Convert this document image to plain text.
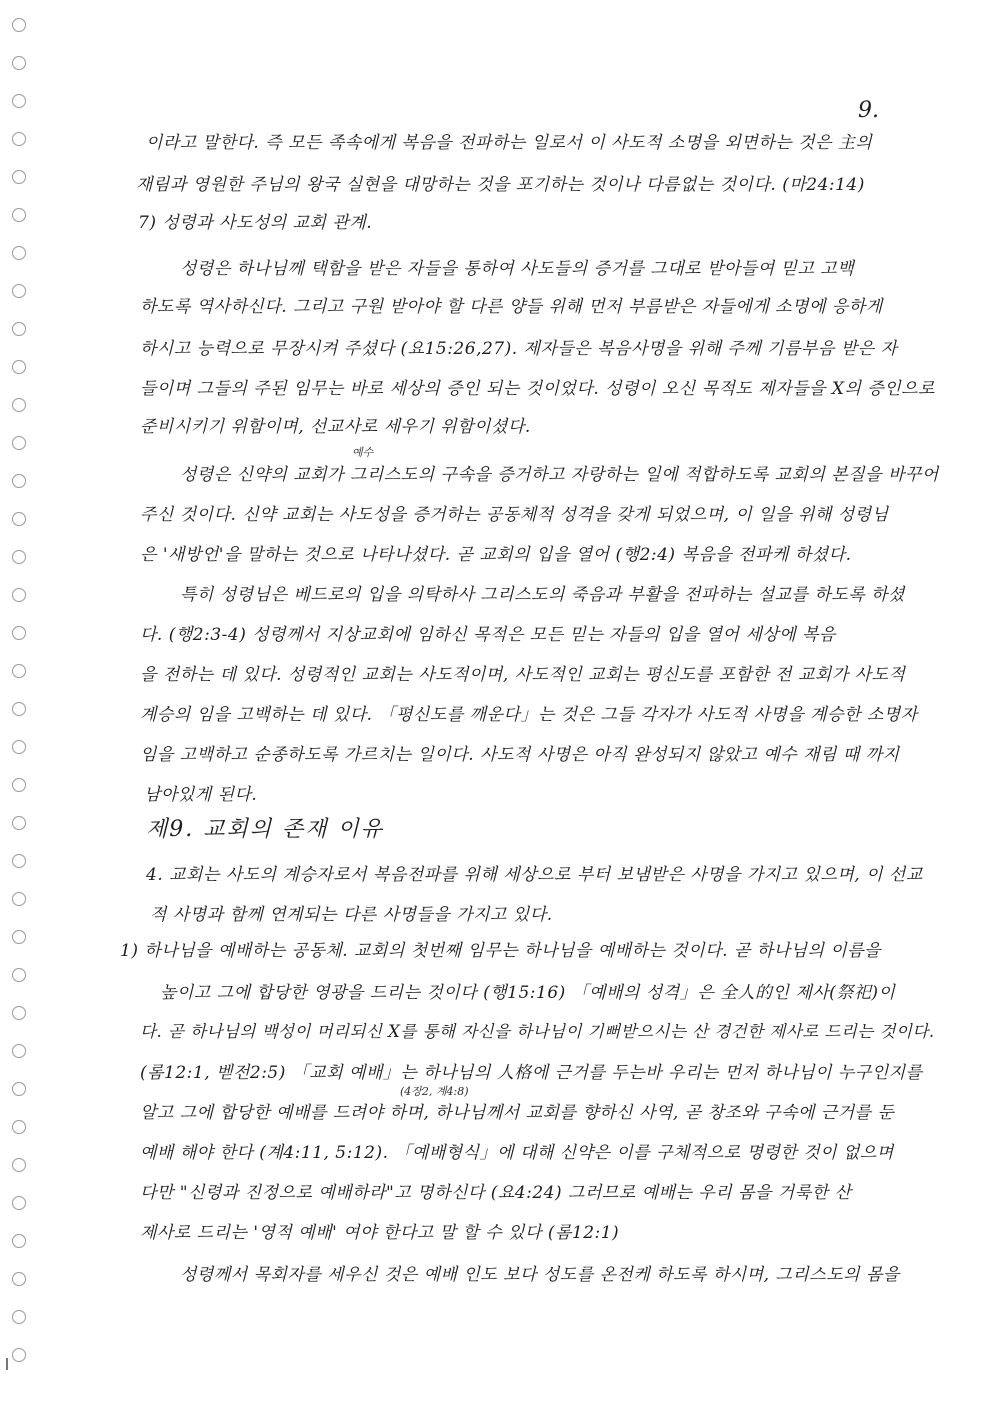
9.
이라고 말한다. 즉 모든 족속에게 복음을 전파하는 일로서 이 사도적 소명을 외면하는 것은 主의
재림과 영원한 주님의 왕국 실현을 대망하는 것을 포기하는 것이나 다름없는 것이다. (마24:14)
7) 성령과 사도성의 교회 관계.
성령은 하나님께 택함을 받은 자들을 통하여 사도들의 증거를 그대로 받아들여 믿고 고백
하도록 역사하신다. 그리고 구원 받아야 할 다른 양들 위해 먼저 부름받은 자들에게 소명에 응하게
하시고 능력으로 무장시켜 주셨다 (요15:26,27). 제자들은 복음사명을 위해 주께 기름부음 받은 자
들이며 그들의 주된 임무는 바로 세상의 증인 되는 것이었다. 성령이 오신 목적도 제자들을 X의 증인으로
준비시키기 위함이며, 선교사로 세우기 위함이셨다.
예수
성령은 신약의 교회가 그리스도의 구속을 증거하고 자랑하는 일에 적합하도록 교회의 본질을 바꾸어
주신 것이다. 신약 교회는 사도성을 증거하는 공동체적 성격을 갖게 되었으며, 이 일을 위해 성령님
은 '새방언'을 말하는 것으로 나타나셨다. 곧 교회의 입을 열어 (행2:4) 복음을 전파케 하셨다.
특히 성령님은 베드로의 입을 의탁하사 그리스도의 죽음과 부활을 전파하는 설교를 하도록 하셨
다. (행2:3-4) 성령께서 지상교회에 임하신 목적은 모든 믿는 자들의 입을 열어 세상에 복음
을 전하는 데 있다. 성령적인 교회는 사도적이며, 사도적인 교회는 평신도를 포함한 전 교회가 사도적
계승의 임을 고백하는 데 있다. 「평신도를 깨운다」는 것은 그들 각자가 사도적 사명을 계승한 소명자
임을 고백하고 순종하도록 가르치는 일이다. 사도적 사명은 아직 완성되지 않았고 예수 재림 때 까지
남아있게 된다.
제9. 교회의 존재 이유
4. 교회는 사도의 계승자로서 복음전파를 위해 세상으로 부터 보냄받은 사명을 가지고 있으며, 이 선교
적 사명과 함께 연계되는 다른 사명들을 가지고 있다.
1) 하나님을 예배하는 공동체. 교회의 첫번째 임무는 하나님을 예배하는 것이다. 곧 하나님의 이름을
높이고 그에 합당한 영광을 드리는 것이다 (행15:16) 「예배의 성격」은 全人的인 제사(祭祀)이
다. 곧 하나님의 백성이 머리되신 X를 통해 자신을 하나님이 기뻐받으시는 산 경건한 제사로 드리는 것이다.
(롬12:1, 벧전2:5) 「교회 예배」는 하나님의 人格에 근거를 두는바 우리는 먼저 하나님이 누구인지를
(4장2, 계4:8)
알고 그에 합당한 예배를 드려야 하며, 하나님께서 교회를 향하신 사역, 곧 창조와 구속에 근거를 둔
예배 해야 한다 (계4:11, 5:12). 「예배형식」에 대해 신약은 이를 구체적으로 명령한 것이 없으며
다만 "신령과 진정으로 예배하라"고 명하신다 (요4:24) 그러므로 예배는 우리 몸을 거룩한 산
제사로 드리는 '영적 예배' 여야 한다고 말 할 수 있다 (롬12:1)
성령께서 목회자를 세우신 것은 예배 인도 보다 성도를 온전케 하도록 하시며, 그리스도의 몸을
